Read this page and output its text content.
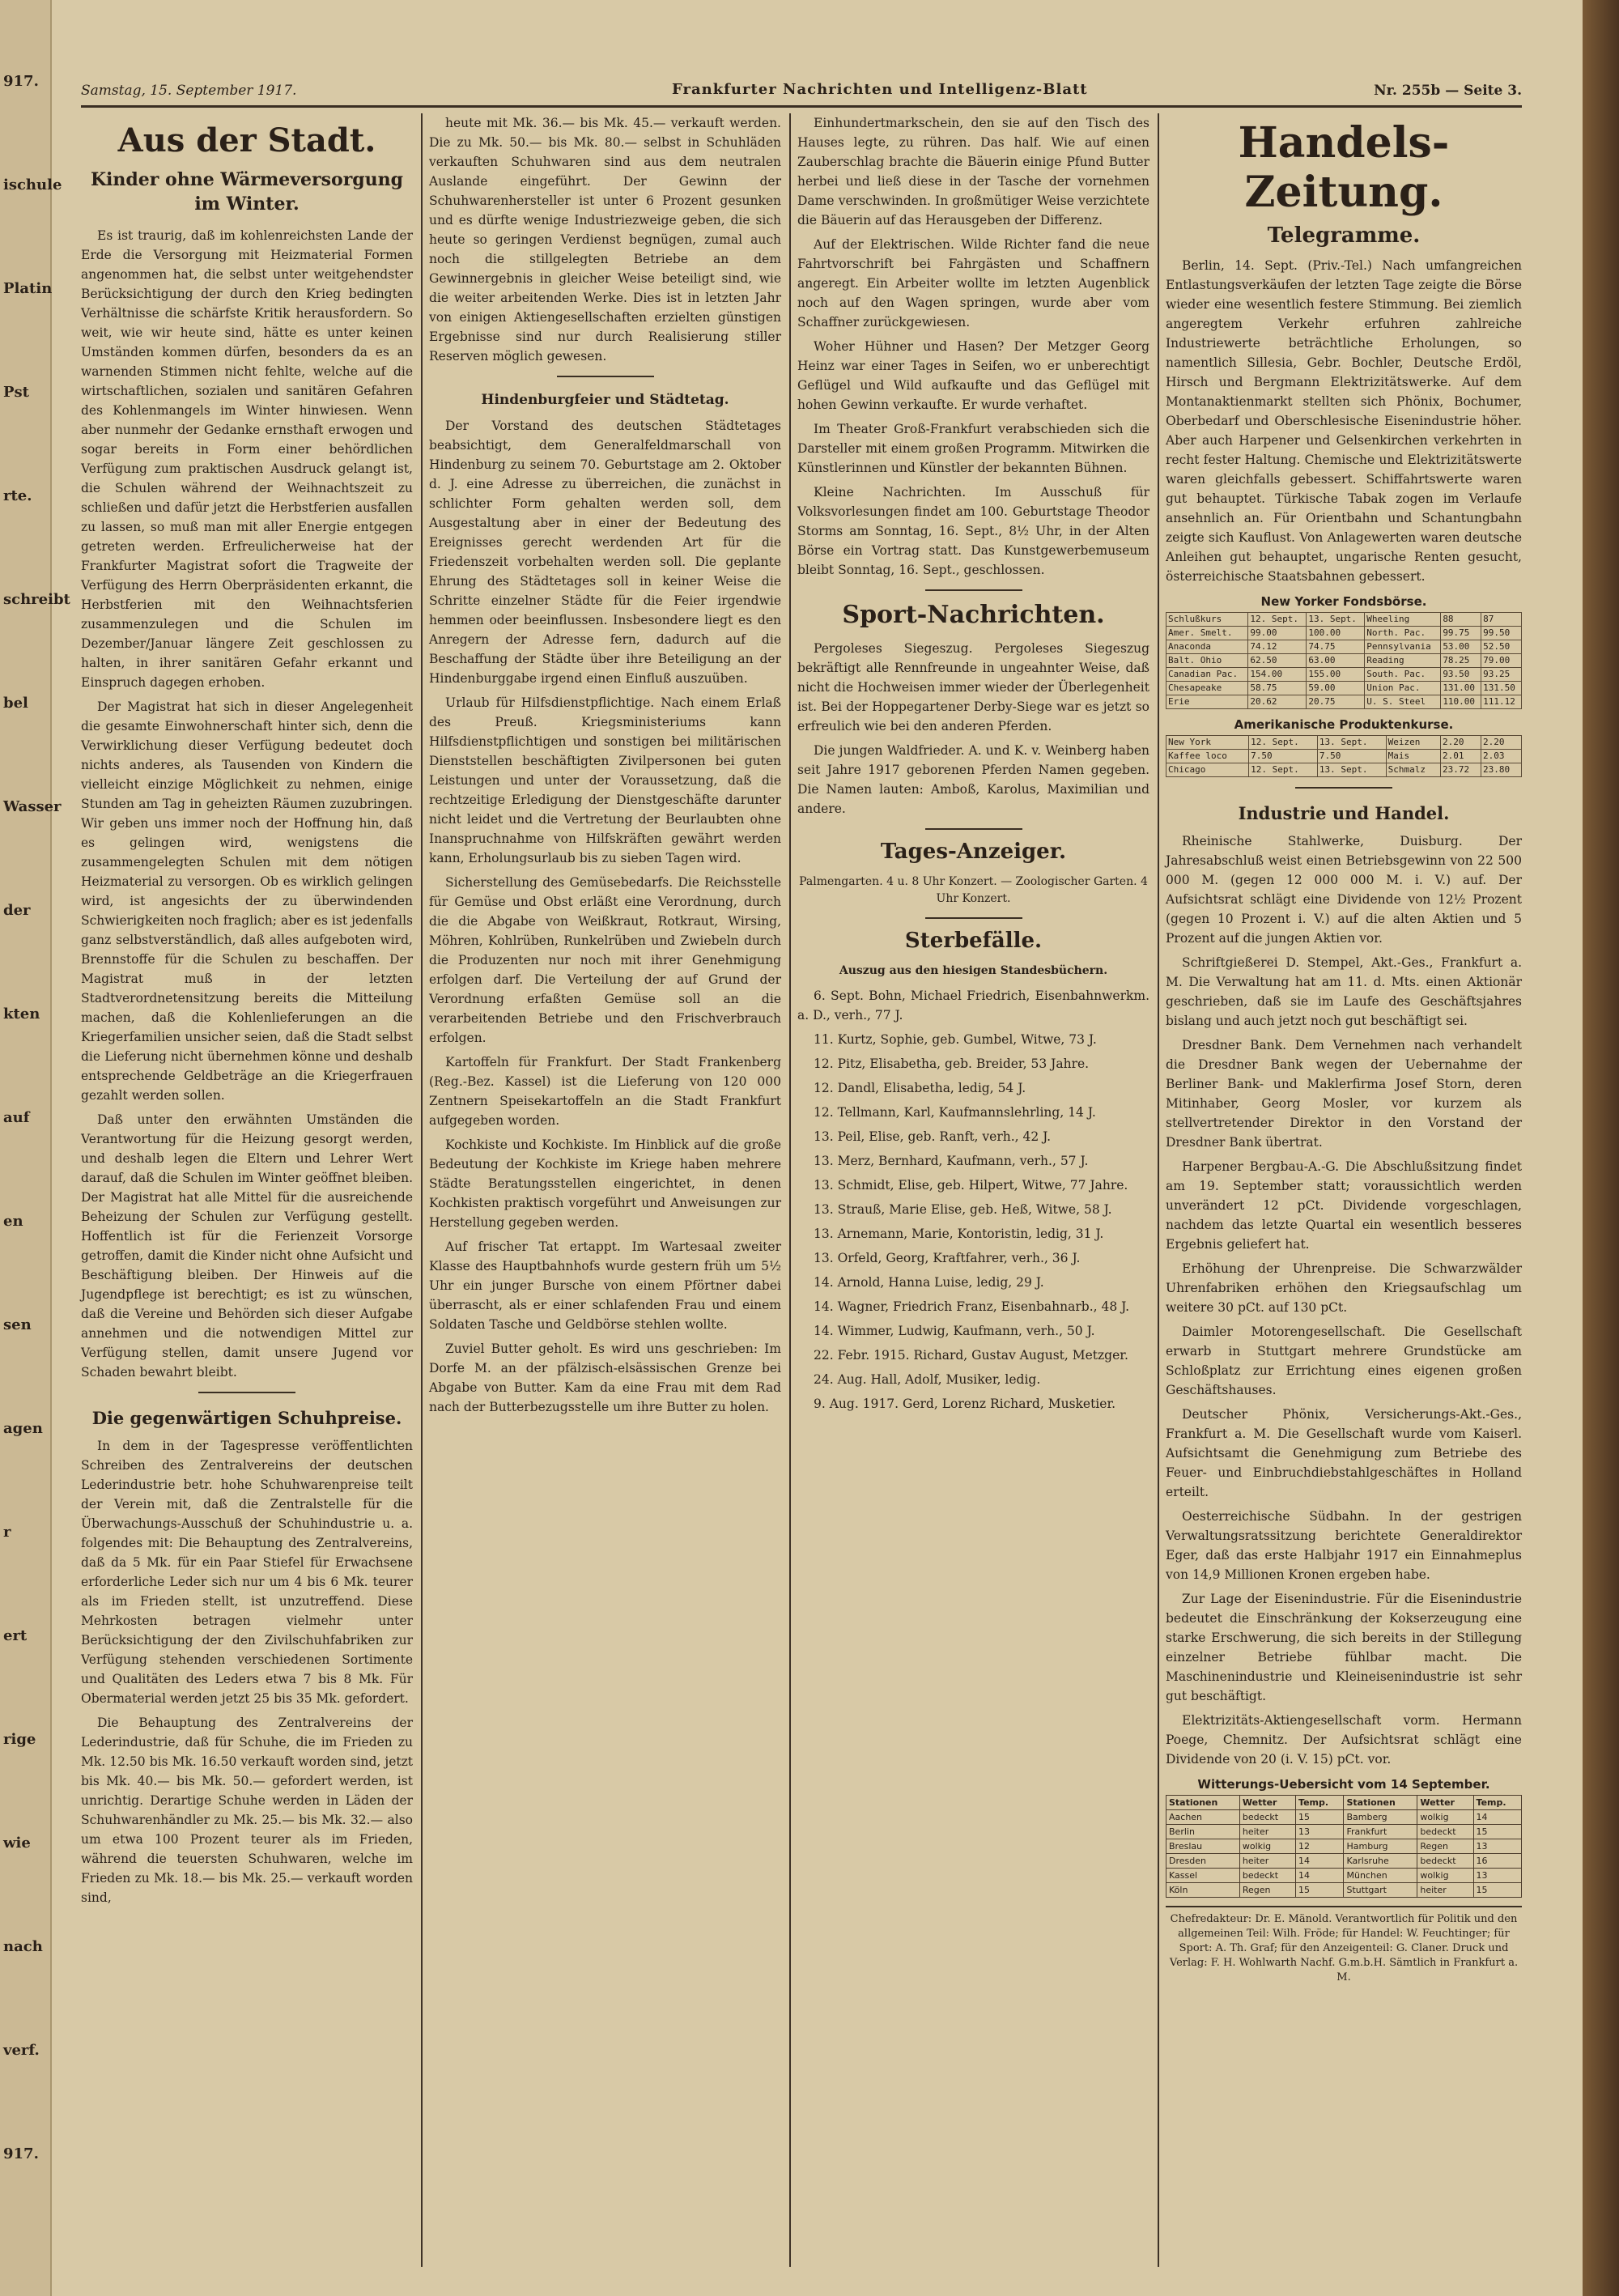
917.
ischule
Platin
Pst
rte.
schreibt
bel
Wasser
der
kten
auf
en
sen
agen
r
ert
rige
wie
nach
verf.
917.
Samstag, 15. September 1917.	Frankfurter Nachrichten und Intelligenz-Blatt	Nr. 255b — Seite 3.
Aus der Stadt.
Kinder ohne Wärmeversorgung
im Winter.

Es ist traurig, daß im kohlenreichsten Lande der Erde die Versorgung mit Heizmaterial Formen angenommen hat, die selbst unter weitgehendster Berücksichtigung der durch den Krieg bedingten Verhältnisse die schärfste Kritik herausfordern. So weit, wie wir heute sind, hätte es unter keinen Umständen kommen dürfen, besonders da es an warnenden Stimmen nicht fehlte, welche auf die wirtschaftlichen, sozialen und sanitären Gefahren des Kohlenmangels im Winter hinwiesen. Wenn aber nunmehr der Gedanke ernsthaft erwogen und sogar bereits in Form einer behördlichen Verfügung zum praktischen Ausdruck gelangt ist, die Schulen während der Weihnachtszeit zu schließen und dafür jetzt die Herbstferien ausfallen zu lassen, so muß man mit aller Energie entgegen getreten werden. Erfreulicherweise hat der Frankfurter Magistrat sofort die Tragweite der Verfügung des Herrn Oberpräsidenten erkannt, die Herbstferien mit den Weihnachtsferien zusammenzulegen und die Schulen im Dezember/Januar längere Zeit geschlossen zu halten, in ihrer sanitären Gefahr erkannt und Einspruch dagegen erhoben.

Der Magistrat hat sich in dieser Angelegenheit die gesamte Einwohnerschaft hinter sich, denn die Verwirklichung dieser Verfügung bedeutet doch nichts anderes, als Tausenden von Kindern die vielleicht einzige Möglichkeit zu nehmen, einige Stunden am Tag in geheizten Räumen zuzubringen. Wir geben uns immer noch der Hoffnung hin, daß es gelingen wird, wenigstens die zusammengelegten Schulen mit dem nötigen Heizmaterial zu versorgen. Ob es wirklich gelingen wird, ist angesichts der zu überwindenden Schwierigkeiten noch fraglich; aber es ist jedenfalls ganz selbstverständlich, daß alles aufgeboten wird, Brennstoffe für die Schulen zu beschaffen. Der Magistrat muß in der letzten Stadtverordnetensitzung bereits die Mitteilung machen, daß die Kohlenlieferungen an die Kriegerfamilien unsicher seien, daß die Stadt selbst die Lieferung nicht übernehmen könne und deshalb entsprechende Geldbeträge an die Kriegerfrauen gezahlt werden sollen.

Daß unter den erwähnten Umständen die Verantwortung für die Heizung gesorgt werden, und deshalb legen die Eltern und Lehrer Wert darauf, daß die Schulen im Winter geöffnet bleiben. Der Magistrat hat alle Mittel für die ausreichende Beheizung der Schulen zur Verfügung gestellt. Hoffentlich ist für die Ferienzeit Vorsorge getroffen, damit die Kinder nicht ohne Aufsicht und Beschäftigung bleiben. Der Hinweis auf die Jugendpflege ist berechtigt; es ist zu wünschen, daß die Vereine und Behörden sich dieser Aufgabe annehmen und die notwendigen Mittel zur Verfügung stellen, damit unsere Jugend vor Schaden bewahrt bleibt.

Die gegenwärtigen Schuhpreise.

In dem in der Tagespresse veröffentlichten Schreiben des Zentralvereins der deutschen Lederindustrie betr. hohe Schuhwarenpreise teilt der Verein mit, daß die Zentralstelle für die Überwachungs-Ausschuß der Schuhindustrie u. a. folgendes mit: Die Behauptung des Zentralvereins, daß da 5 Mk. für ein Paar Stiefel für Erwachsene erforderliche Leder sich nur um 4 bis 6 Mk. teurer als im Frieden stellt, ist unzutreffend. Diese Mehrkosten betragen vielmehr unter Berücksichtigung der den Zivilschuhfabriken zur Verfügung stehenden verschiedenen Sortimente und Qualitäten des Leders etwa 7 bis 8 Mk. Für Obermaterial werden jetzt 25 bis 35 Mk. gefordert.

Die Behauptung des Zentralvereins der Lederindustrie, daß für Schuhe, die im Frieden zu Mk. 12.50 bis Mk. 16.50 verkauft worden sind, jetzt bis Mk. 40.— bis Mk. 50.— gefordert werden, ist unrichtig. Derartige Schuhe werden in Läden der Schuhwarenhändler zu Mk. 25.— bis Mk. 32.— also um etwa 100 Prozent teurer als im Frieden, während die teuersten Schuhwaren, welche im Frieden zu Mk. 18.— bis Mk. 25.— verkauft worden sind,

heute mit Mk. 36.— bis Mk. 45.— verkauft werden. Die zu Mk. 50.— bis Mk. 80.— selbst in Schuhläden verkauften Schuhwaren sind aus dem neutralen Auslande eingeführt. Der Gewinn der Schuhwarenhersteller ist unter 6 Prozent gesunken und es dürfte wenige Industriezweige geben, die sich heute so geringen Verdienst begnügen, zumal auch noch die stillgelegten Betriebe an dem Gewinnergebnis in gleicher Weise beteiligt sind, wie die weiter arbeitenden Werke. Dies ist in letzten Jahr von einigen Aktiengesellschaften erzielten günstigen Ergebnisse sind nur durch Realisierung stiller Reserven möglich gewesen.

Hindenburgfeier und Städtetag.

Der Vorstand des deutschen Städtetages beabsichtigt, dem Generalfeldmarschall von Hindenburg zu seinem 70. Geburtstage am 2. Oktober d. J. eine Adresse zu überreichen, die zunächst in schlichter Form gehalten werden soll, dem Ausgestaltung aber in einer der Bedeutung des Ereignisses gerecht werdenden Art für die Friedenszeit vorbehalten werden soll. Die geplante Ehrung des Städtetages soll in keiner Weise die Schritte einzelner Städte für die Feier irgendwie hemmen oder beeinflussen. Insbesondere liegt es den Anregern der Adresse fern, dadurch auf die Beschaffung der Städte über ihre Beteiligung an der Hindenburggabe irgend einen Einfluß auszuüben.

Urlaub für Hilfsdienstpflichtige. Nach einem Erlaß des Preuß. Kriegsministeriums kann Hilfsdienstpflichtigen und sonstigen bei militärischen Dienststellen beschäftigten Zivilpersonen bei guten Leistungen und unter der Voraussetzung, daß die rechtzeitige Erledigung der Dienstgeschäfte darunter nicht leidet und die Vertretung der Beurlaubten ohne Inanspruchnahme von Hilfskräften gewährt werden kann, Erholungsurlaub bis zu sieben Tagen wird.

Sicherstellung des Gemüsebedarfs. Die Reichsstelle für Gemüse und Obst erläßt eine Verordnung, durch die die Abgabe von Weißkraut, Rotkraut, Wirsing, Möhren, Kohlrüben, Runkelrüben und Zwiebeln durch die Produzenten nur noch mit ihrer Genehmigung erfolgen darf. Die Verteilung der auf Grund der Verordnung erfaßten Gemüse soll an die verarbeitenden Betriebe und den Frischverbrauch erfolgen.

Kartoffeln für Frankfurt. Der Stadt Frankenberg (Reg.-Bez. Kassel) ist die Lieferung von 120 000 Zentnern Speisekartoffeln an die Stadt Frankfurt aufgegeben worden.

Kochkiste und Kochkiste. Im Hinblick auf die große Bedeutung der Kochkiste im Kriege haben mehrere Städte Beratungsstellen eingerichtet, in denen Kochkisten praktisch vorgeführt und Anweisungen zur Herstellung gegeben werden.

Auf frischer Tat ertappt. Im Wartesaal zweiter Klasse des Hauptbahnhofs wurde gestern früh um 5½ Uhr ein junger Bursche von einem Pförtner dabei überrascht, als er einer schlafenden Frau und einem Soldaten Tasche und Geldbörse stehlen wollte.

Zuviel Butter geholt. Es wird uns geschrieben: Im Dorfe M. an der pfälzisch-elsässischen Grenze bei Abgabe von Butter. Kam da eine Frau mit dem Rad nach der Butterbezugsstelle um ihre Butter zu holen.

Einhundertmarkschein, den sie auf den Tisch des Hauses legte, zu rühren. Das half. Wie auf einen Zauberschlag brachte die Bäuerin einige Pfund Butter herbei und ließ diese in der Tasche der vornehmen Dame verschwinden. In großmütiger Weise verzichtete die Bäuerin auf das Herausgeben der Differenz.

Auf der Elektrischen. Wilde Richter fand die neue Fahrtvorschrift bei Fahrgästen und Schaffnern angeregt. Ein Arbeiter wollte im letzten Augenblick noch auf den Wagen springen, wurde aber vom Schaffner zurückgewiesen.

Woher Hühner und Hasen? Der Metzger Georg Heinz war einer Tages in Seifen, wo er unberechtigt Geflügel und Wild aufkaufte und das Geflügel mit hohen Gewinn verkaufte. Er wurde verhaftet.

Im Theater Groß-Frankfurt verabschieden sich die Darsteller mit einem großen Programm. Mitwirken die Künstlerinnen und Künstler der bekannten Bühnen.

Kleine Nachrichten. Im Ausschuß für Volksvorlesungen findet am 100. Geburtstage Theodor Storms am Sonntag, 16. Sept., 8½ Uhr, in der Alten Börse ein Vortrag statt. Das Kunstgewerbemuseum bleibt Sonntag, 16. Sept., geschlossen.

Sport-Nachrichten.

Pergoleses Siegeszug. Pergoleses Siegeszug bekräftigt alle Rennfreunde in ungeahnter Weise, daß nicht die Hochweisen immer wieder der Überlegenheit ist. Bei der Hoppegartener Derby-Siege war es jetzt so erfreulich wie bei den anderen Pferden.

Die jungen Waldfrieder. A. und K. v. Weinberg haben seit Jahre 1917 geborenen Pferden Namen gegeben. Die Namen lauten: Amboß, Karolus, Maximilian und andere.

Tages-Anzeiger.
Palmengarten. 4 u. 8 Uhr Konzert. — Zoologischer Garten. 4 Uhr Konzert.
Sterbefälle.
Auszug aus den hiesigen Standesbüchern.

6. Sept. Bohn, Michael Friedrich, Eisenbahnwerkm. a. D., verh., 77 J.

11. Kurtz, Sophie, geb. Gumbel, Witwe, 73 J.

12. Pitz, Elisabetha, geb. Breider, 53 Jahre.

12. Dandl, Elisabetha, ledig, 54 J.

12. Tellmann, Karl, Kaufmannslehrling, 14 J.

13. Peil, Elise, geb. Ranft, verh., 42 J.

13. Merz, Bernhard, Kaufmann, verh., 57 J.

13. Schmidt, Elise, geb. Hilpert, Witwe, 77 Jahre.

13. Strauß, Marie Elise, geb. Heß, Witwe, 58 J.

13. Arnemann, Marie, Kontoristin, ledig, 31 J.

13. Orfeld, Georg, Kraftfahrer, verh., 36 J.

14. Arnold, Hanna Luise, ledig, 29 J.

14. Wagner, Friedrich Franz, Eisenbahnarb., 48 J.

14. Wimmer, Ludwig, Kaufmann, verh., 50 J.

22. Febr. 1915. Richard, Gustav August, Metzger.

24. Aug. Hall, Adolf, Musiker, ledig.

9. Aug. 1917. Gerd, Lorenz Richard, Musketier.

Handels-Zeitung.
Telegramme.

Berlin, 14. Sept. (Priv.-Tel.) Nach umfangreichen Entlastungsverkäufen der letzten Tage zeigte die Börse wieder eine wesentlich festere Stimmung. Bei ziemlich angeregtem Verkehr erfuhren zahlreiche Industriewerte beträchtliche Erholungen, so namentlich Sillesia, Gebr. Bochler, Deutsche Erdöl, Hirsch und Bergmann Elektrizitätswerke. Auf dem Montanaktienmarkt stellten sich Phönix, Bochumer, Oberbedarf und Oberschlesische Eisenindustrie höher. Aber auch Harpener und Gelsenkirchen verkehrten in recht fester Haltung. Chemische und Elektrizitätswerte waren gleichfalls gebessert. Schiffahrtswerte waren gut behauptet. Türkische Tabak zogen im Verlaufe ansehnlich an. Für Orientbahn und Schantungbahn zeigte sich Kauflust. Von Anlagewerten waren deutsche Anleihen gut behauptet, ungarische Renten gesucht, österreichische Staatsbahnen gebessert.

New Yorker Fondsbörse.
Schlußkurs	12. Sept.	13. Sept.	Wheeling	88	87
Amer. Smelt.	99.00	100.00	North. Pac.	99.75	99.50
Anaconda	74.12	74.75	Pennsylvania	53.00	52.50
Balt. Ohio	62.50	63.00	Reading	78.25	79.00
Canadian Pac.	154.00	155.00	South. Pac.	93.50	93.25
Chesapeake	58.75	59.00	Union Pac.	131.00	131.50
Erie	20.62	20.75	U. S. Steel	110.00	111.12
Amerikanische Produktenkurse.
New York	12. Sept.	13. Sept.	Weizen	2.20	2.20
Kaffee loco	7.50	7.50	Mais	2.01	2.03
Chicago	12. Sept.	13. Sept.	Schmalz	23.72	23.80
Industrie und Handel.

Rheinische Stahlwerke, Duisburg. Der Jahresabschluß weist einen Betriebsgewinn von 22 500 000 M. (gegen 12 000 000 M. i. V.) auf. Der Aufsichtsrat schlägt eine Dividende von 12½ Prozent (gegen 10 Prozent i. V.) auf die alten Aktien und 5 Prozent auf die jungen Aktien vor.

Schriftgießerei D. Stempel, Akt.-Ges., Frankfurt a. M. Die Verwaltung hat am 11. d. Mts. einen Aktionär geschrieben, daß sie im Laufe des Geschäftsjahres bislang und auch jetzt noch gut beschäftigt sei.

Dresdner Bank. Dem Vernehmen nach verhandelt die Dresdner Bank wegen der Uebernahme der Berliner Bank- und Maklerfirma Josef Storn, deren Mitinhaber, Georg Mosler, vor kurzem als stellvertretender Direktor in den Vorstand der Dresdner Bank übertrat.

Harpener Bergbau-A.-G. Die Abschlußsitzung findet am 19. September statt; voraussichtlich werden unverändert 12 pCt. Dividende vorgeschlagen, nachdem das letzte Quartal ein wesentlich besseres Ergebnis geliefert hat.

Erhöhung der Uhrenpreise. Die Schwarzwälder Uhrenfabriken erhöhen den Kriegsaufschlag um weitere 30 pCt. auf 130 pCt.

Daimler Motorengesellschaft. Die Gesellschaft erwarb in Stuttgart mehrere Grundstücke am Schloßplatz zur Errichtung eines eigenen großen Geschäftshauses.

Deutscher Phönix, Versicherungs-Akt.-Ges., Frankfurt a. M. Die Gesellschaft wurde vom Kaiserl. Aufsichtsamt die Genehmigung zum Betriebe des Feuer- und Einbruchdiebstahlgeschäftes in Holland erteilt.

Oesterreichische Südbahn. In der gestrigen Verwaltungsratssitzung berichtete Generaldirektor Eger, daß das erste Halbjahr 1917 ein Einnahmeplus von 14,9 Millionen Kronen ergeben habe.

Zur Lage der Eisenindustrie. Für die Eisenindustrie bedeutet die Einschränkung der Kokserzeugung eine starke Erschwerung, die sich bereits in der Stillegung einzelner Betriebe fühlbar macht. Die Maschinenindustrie und Kleineisenindustrie ist sehr gut beschäftigt.

Elektrizitäts-Aktiengesellschaft vorm. Hermann Poege, Chemnitz. Der Aufsichtsrat schlägt eine Dividende von 20 (i. V. 15) pCt. vor.

Witterungs-Uebersicht vom 14 September.
Stationen	Wetter	Temp.	Stationen	Wetter	Temp.
Aachen	bedeckt	15	Bamberg	wolkig	14
Berlin	heiter	13	Frankfurt	bedeckt	15
Breslau	wolkig	12	Hamburg	Regen	13
Dresden	heiter	14	Karlsruhe	bedeckt	16
Kassel	bedeckt	14	München	wolkig	13
Köln	Regen	15	Stuttgart	heiter	15
Chefredakteur: Dr. E. Mänold. Verantwortlich für Politik und den allgemeinen Teil: Wilh. Fröde; für Handel: W. Feuchtinger; für Sport: A. Th. Graf; für den Anzeigenteil: G. Claner. Druck und Verlag: F. H. Wohlwarth Nachf. G.m.b.H. Sämtlich in Frankfurt a. M.
